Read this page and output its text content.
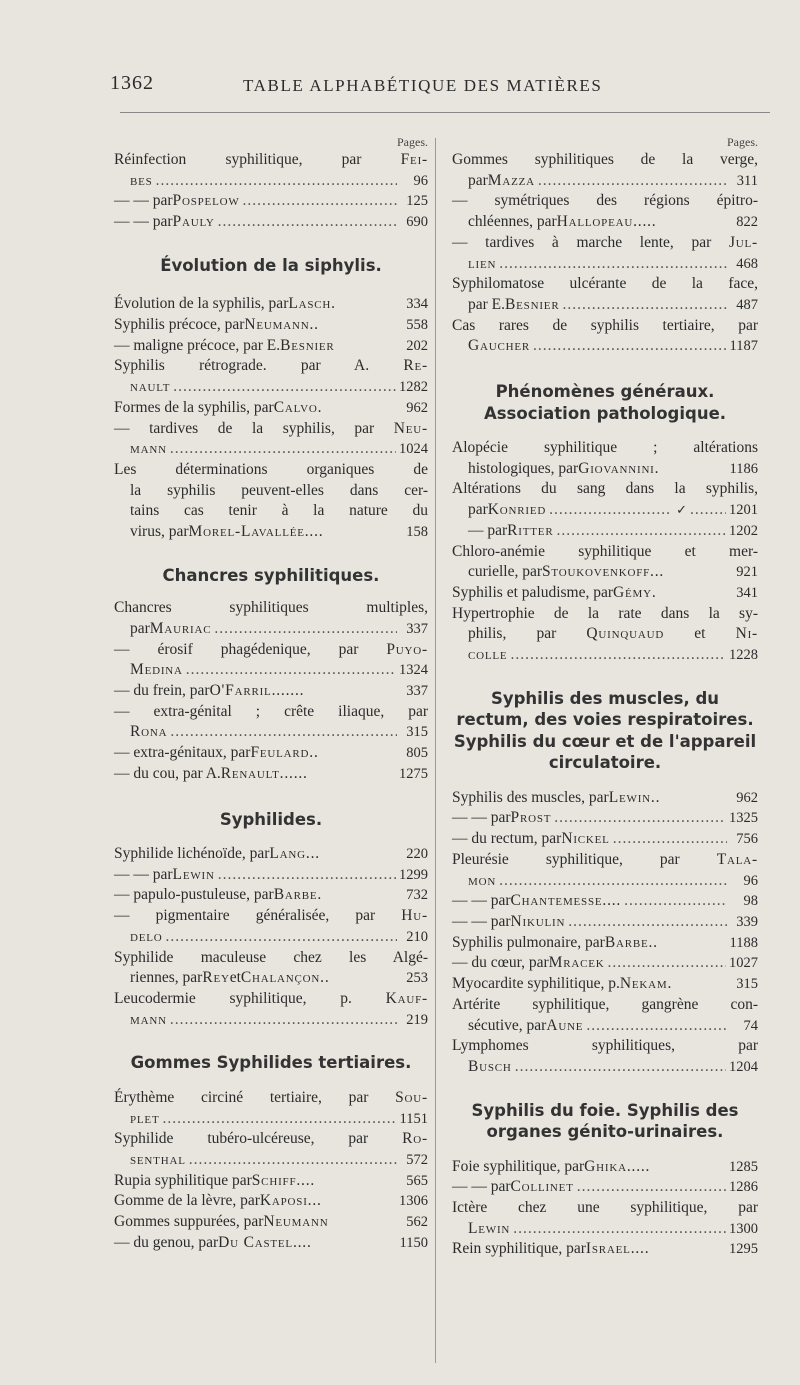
1362	TABLE ALPHABÉTIQUE DES MATIÈRES
Pages.
Réinfection syphilitique, par Fei-
bes .....	96
— — par Pospelow .....	125
— — par Pauly .....	690
Évolution de la siphylis.
Évolution de la syphilis, par Lasch.	334
Syphilis précoce, par Neumann..	558
— maligne précoce, par E. Besnier	202
Syphilis rétrograde. par A. Re-
nault .....	1282
Formes de la syphilis, par Calvo.	962
— tardives de la syphilis, par Neu-
mann .....	1024
Les déterminations organiques de
la syphilis peuvent-elles dans cer-
tains cas tenir à la nature du
virus, par Morel-Lavallée....	158
Chancres syphilitiques.
Chancres syphilitiques multiples,
par Mauriac .....	337
— érosif phagédenique, par Puyo-
Medina .....	1324
— du frein, par O'Farril.......	337
— extra-génital ; crête iliaque, par
Rona .....	315
— extra-génitaux, par Feulard..	805
— du cou, par A. Renault......	1275
Syphilides.
Syphilide lichénoïde, par Lang...	220
— — par Lewin .....	1299
— papulo-pustuleuse, par Barbe.	732
— pigmentaire généralisée, par Hu-
delo .....	210
Syphilide maculeuse chez les Algé-
riennes, par Rey et Chalançon..	253
Leucodermie syphilitique, p. Kauf-
mann .....	219
Gommes Syphilides tertiaires.
Érythème circiné tertiaire, par Sou-
plet .....	1151
Syphilide tubéro-ulcéreuse, par Ro-
senthal .....	572
Rupia syphilitique par Schiff....	565
Gomme de la lèvre, par Kaposi...	1306
Gommes suppurées, par Neumann	562
— du genou, par Du Castel....	1150
Pages.
Gommes syphilitiques de la verge,
par Mazza .....	311
— symétriques des régions épitro-
chléennes, par Hallopeau.....	822
— tardives à marche lente, par Jul-
lien .....	468
Syphilomatose ulcérante de la face,
par E. Besnier .....	487
Cas rares de syphilis tertiaire, par
Gaucher .....	1187
Phénomènes généraux. Association pathologique.
Alopécie syphilitique ; altérations
histologiques, par Giovannini.	1186
Altérations du sang dans la syphilis,
par Konried .....	✓ .....	1201
— par Ritter .....	1202
Chloro-anémie syphilitique et mer-
curielle, par Stoukovenkoff...	921
Syphilis et paludisme, par Gémy.	341
Hypertrophie de la rate dans la sy-
philis, par Quinquaud et Ni-
colle .....	1228
Syphilis des muscles, du rectum, des voies respiratoires. Syphilis du cœur et de l'appareil circulatoire.
Syphilis des muscles, par Lewin..	962
— — par Prost .....	1325
— du rectum, par Nickel .....	756
Pleurésie syphilitique, par Tala-
mon .....	96
— — par Chantemesse.... .....	98
— — par Nikulin .....	339
Syphilis pulmonaire, par Barbe..	1188
— du cœur, par Mracek .....	1027
Myocardite syphilitique, p. Nekam.	315
Artérite syphilitique, gangrène con-
sécutive, par Aune .....	74
Lymphomes syphilitiques, par
Busch .....	1204
Syphilis du foie. Syphilis des organes génito-urinaires.
Foie syphilitique, par Ghika.....	1285
— — par Collinet .....	1286
Ictère chez une syphilitique, par
Lewin .....	1300
Rein syphilitique, par Israel....	1295
